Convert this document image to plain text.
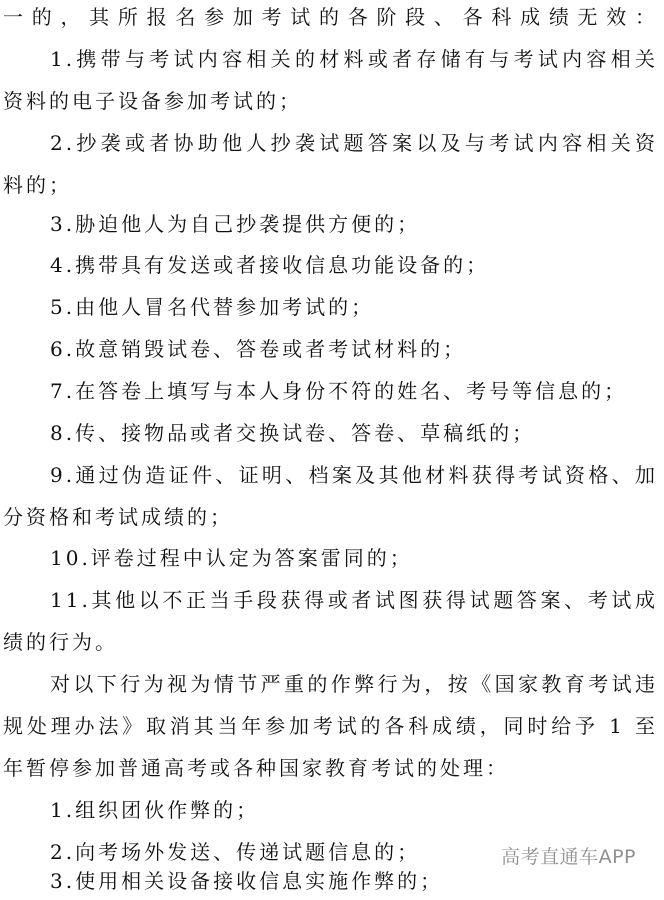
一的，其所报名参加考试的各阶段、各科成绩无效：
1.携带与考试内容相关的材料或者存储有与考试内容相关
资料的电子设备参加考试的；
2.抄袭或者协助他人抄袭试题答案以及与考试内容相关资
料的；
3.胁迫他人为自己抄袭提供方便的；
4.携带具有发送或者接收信息功能设备的；
5.由他人冒名代替参加考试的；
6.故意销毁试卷、答卷或者考试材料的；
7.在答卷上填写与本人身份不符的姓名、考号等信息的；
8.传、接物品或者交换试卷、答卷、草稿纸的；
9.通过伪造证件、证明、档案及其他材料获得考试资格、加
分资格和考试成绩的；
10.评卷过程中认定为答案雷同的；
11.其他以不正当手段获得或者试图获得试题答案、考试成
绩的行为。
对以下行为视为情节严重的作弊行为，按《国家教育考试违
规处理办法》取消其当年参加考试的各科成绩，同时给予 1 至
年暂停参加普通高考或各种国家教育考试的处理：
1.组织团伙作弊的；
2.向考场外发送、传递试题信息的；
3.使用相关设备接收信息实施作弊的；
高考直通车APP
